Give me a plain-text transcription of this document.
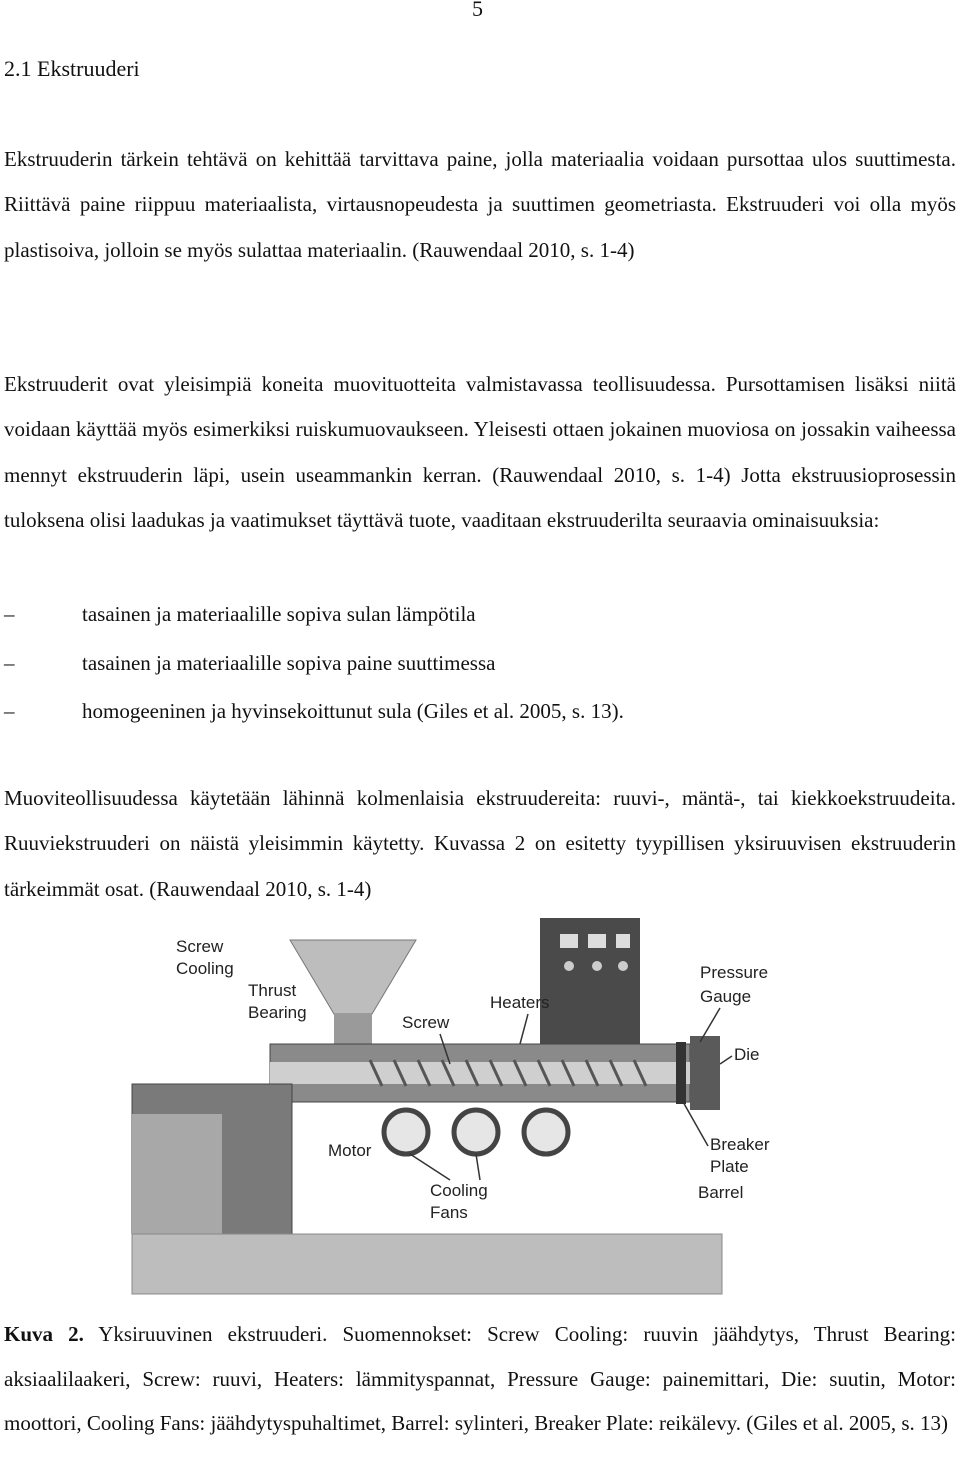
5
2.1 Ekstruuderi

Ekstruuderin tärkein tehtävä on kehittää tarvittava paine, jolla materiaalia voidaan pursottaa ulos suuttimesta. Riittävä paine riippuu materiaalista, virtausnopeudesta ja suuttimen geometriasta. Ekstruuderi voi olla myös plastisoiva, jolloin se myös sulattaa materiaalin. (Rauwendaal 2010, s. 1-4)

Ekstruuderit ovat yleisimpiä koneita muovituotteita valmistavassa teollisuudessa. Pursottamisen lisäksi niitä voidaan käyttää myös esimerkiksi ruiskumuovaukseen. Yleisesti ottaen jokainen muoviosa on jossakin vaiheessa mennyt ekstruuderin läpi, usein useammankin kerran. (Rauwendaal 2010, s. 1-4) Jotta ekstruusioprosessin tuloksena olisi laadukas ja vaatimukset täyttävä tuote, vaaditaan ekstruuderilta seuraavia ominaisuuksia:

–	tasainen ja materiaalille sopiva sulan lämpötila
–	tasainen ja materiaalille sopiva paine suuttimessa
–	homogeeninen ja hyvinsekoittunut sula (Giles et al. 2005, s. 13).

Muoviteollisuudessa käytetään lähinnä kolmenlaisia ekstruudereita: ruuvi-, mäntä-, tai kiekkoekstruudeita. Ruuviekstruuderi on näistä yleisimmin käytetty. Kuvassa 2 on esitetty tyypillisen yksiruuvisen ekstruuderin tärkeimmät osat. (Rauwendaal 2010, s. 1-4)

Screw
Cooling
Thrust
Bearing
Heaters
Screw
Pressure
Gauge
Die
Motor
Cooling
Fans
Breaker
Plate
Barrel

Kuva 2. Yksiruuvinen ekstruuderi. Suomennokset: Screw Cooling: ruuvin jäähdytys, Thrust Bearing: aksiaalilaakeri, Screw: ruuvi, Heaters: lämmityspannat, Pressure Gauge: painemittari, Die: suutin, Motor: moottori, Cooling Fans: jäähdytyspuhaltimet, Barrel: sylinteri, Breaker Plate: reikälevy. (Giles et al. 2005, s. 13)
